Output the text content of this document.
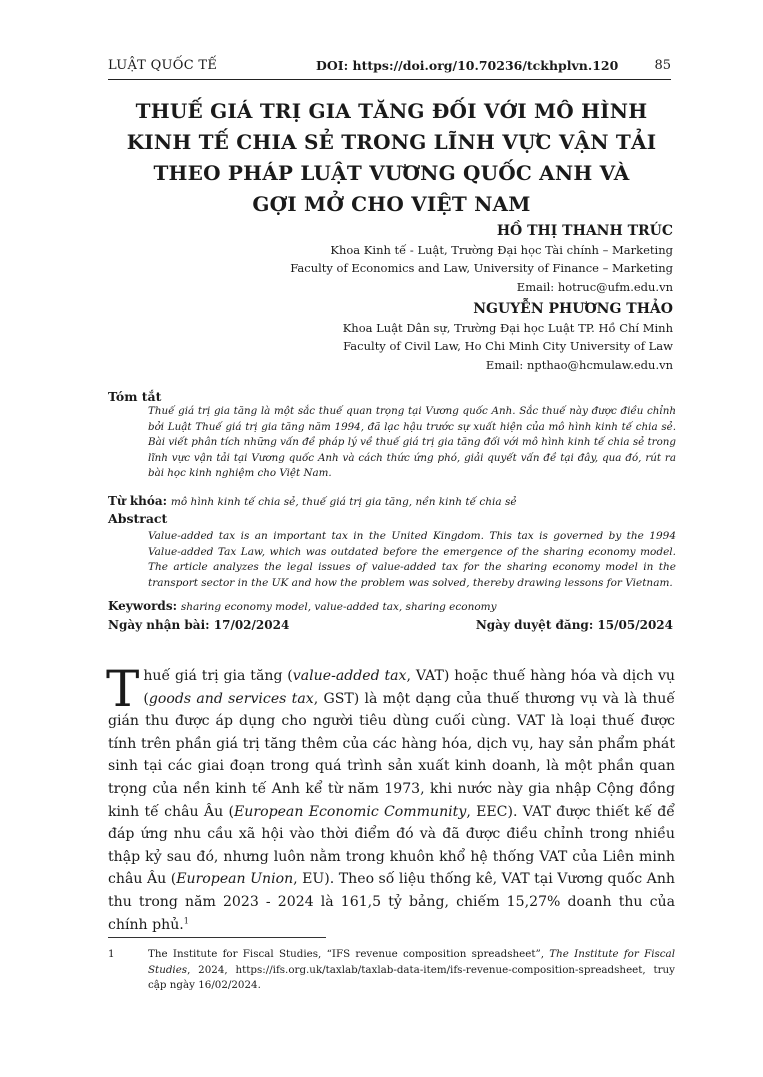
LUẬT QUỐC TẾ	DOI: https://doi.org/10.70236/tckhplvn.120	85
THUẾ GIÁ TRỊ GIA TĂNG ĐỐI VỚI MÔ HÌNH
KINH TẾ CHIA SẺ TRONG LĨNH VỰC VẬN TẢI
THEO PHÁP LUẬT VƯƠNG QUỐC ANH VÀ
GỢI MỞ CHO VIỆT NAM
HỒ THỊ THANH TRÚC
Khoa Kinh tế - Luật, Trường Đại học Tài chính – Marketing
Faculty of Economics and Law, University of Finance – Marketing
Email: hotruc@ufm.edu.vn
NGUYỄN PHƯƠNG THẢO
Khoa Luật Dân sự, Trường Đại học Luật TP. Hồ Chí Minh
Faculty of Civil Law, Ho Chi Minh City University of Law
Email: npthao@hcmulaw.edu.vn
Tóm tắt
Thuế giá trị gia tăng là một sắc thuế quan trọng tại Vương quốc Anh. Sắc thuế này được điều chỉnh bởi Luật Thuế giá trị gia tăng năm 1994, đã lạc hậu trước sự xuất hiện của mô hình kinh tế chia sẻ. Bài viết phân tích những vấn đề pháp lý về thuế giá trị gia tăng đối với mô hình kinh tế chia sẻ trong lĩnh vực vận tải tại Vương quốc Anh và cách thức ứng phó, giải quyết vấn đề tại đây, qua đó, rút ra bài học kinh nghiệm cho Việt Nam.
Từ khóa: mô hình kinh tế chia sẻ, thuế giá trị gia tăng, nền kinh tế chia sẻ
Abstract
Value-added tax is an important tax in the United Kingdom. This tax is governed by the 1994 Value-added Tax Law, which was outdated before the emergence of the sharing economy model. The article analyzes the legal issues of value-added tax for the sharing economy model in the transport sector in the UK and how the problem was solved, thereby drawing lessons for Vietnam.
Keywords: sharing economy model, value-added tax, sharing economy
Ngày nhận bài: 17/02/2024	Ngày duyệt đăng: 15/05/2024

Thuế giá trị gia tăng (value-added tax, VAT) hoặc thuế hàng hóa và dịch vụ (goods and services tax, GST) là một dạng của thuế thương vụ và là thuế gián thu được áp dụng cho người tiêu dùng cuối cùng. VAT là loại thuế được tính trên phần giá trị tăng thêm của các hàng hóa, dịch vụ, hay sản phẩm phát sinh tại các giai đoạn trong quá trình sản xuất kinh doanh, là một phần quan trọng của nền kinh tế Anh kể từ năm 1973, khi nước này gia nhập Cộng đồng kinh tế châu Âu (European Economic Community, EEC). VAT được thiết kế để đáp ứng nhu cầu xã hội vào thời điểm đó và đã được điều chỉnh trong nhiều thập kỷ sau đó, nhưng luôn nằm trong khuôn khổ hệ thống VAT của Liên minh châu Âu (European Union, EU). Theo số liệu thống kê, VAT tại Vương quốc Anh thu trong năm 2023 - 2024 là 161,5 tỷ bảng, chiếm 15,27% doanh thu của chính phủ.$^1$

1	The Institute for Fiscal Studies, “IFS revenue composition spreadsheet”, The Institute for Fiscal Studies, 2024, https://ifs.org.uk/taxlab/taxlab-data-item/ifs-revenue-composition-spreadsheet, truy cập ngày 16/02/2024.
